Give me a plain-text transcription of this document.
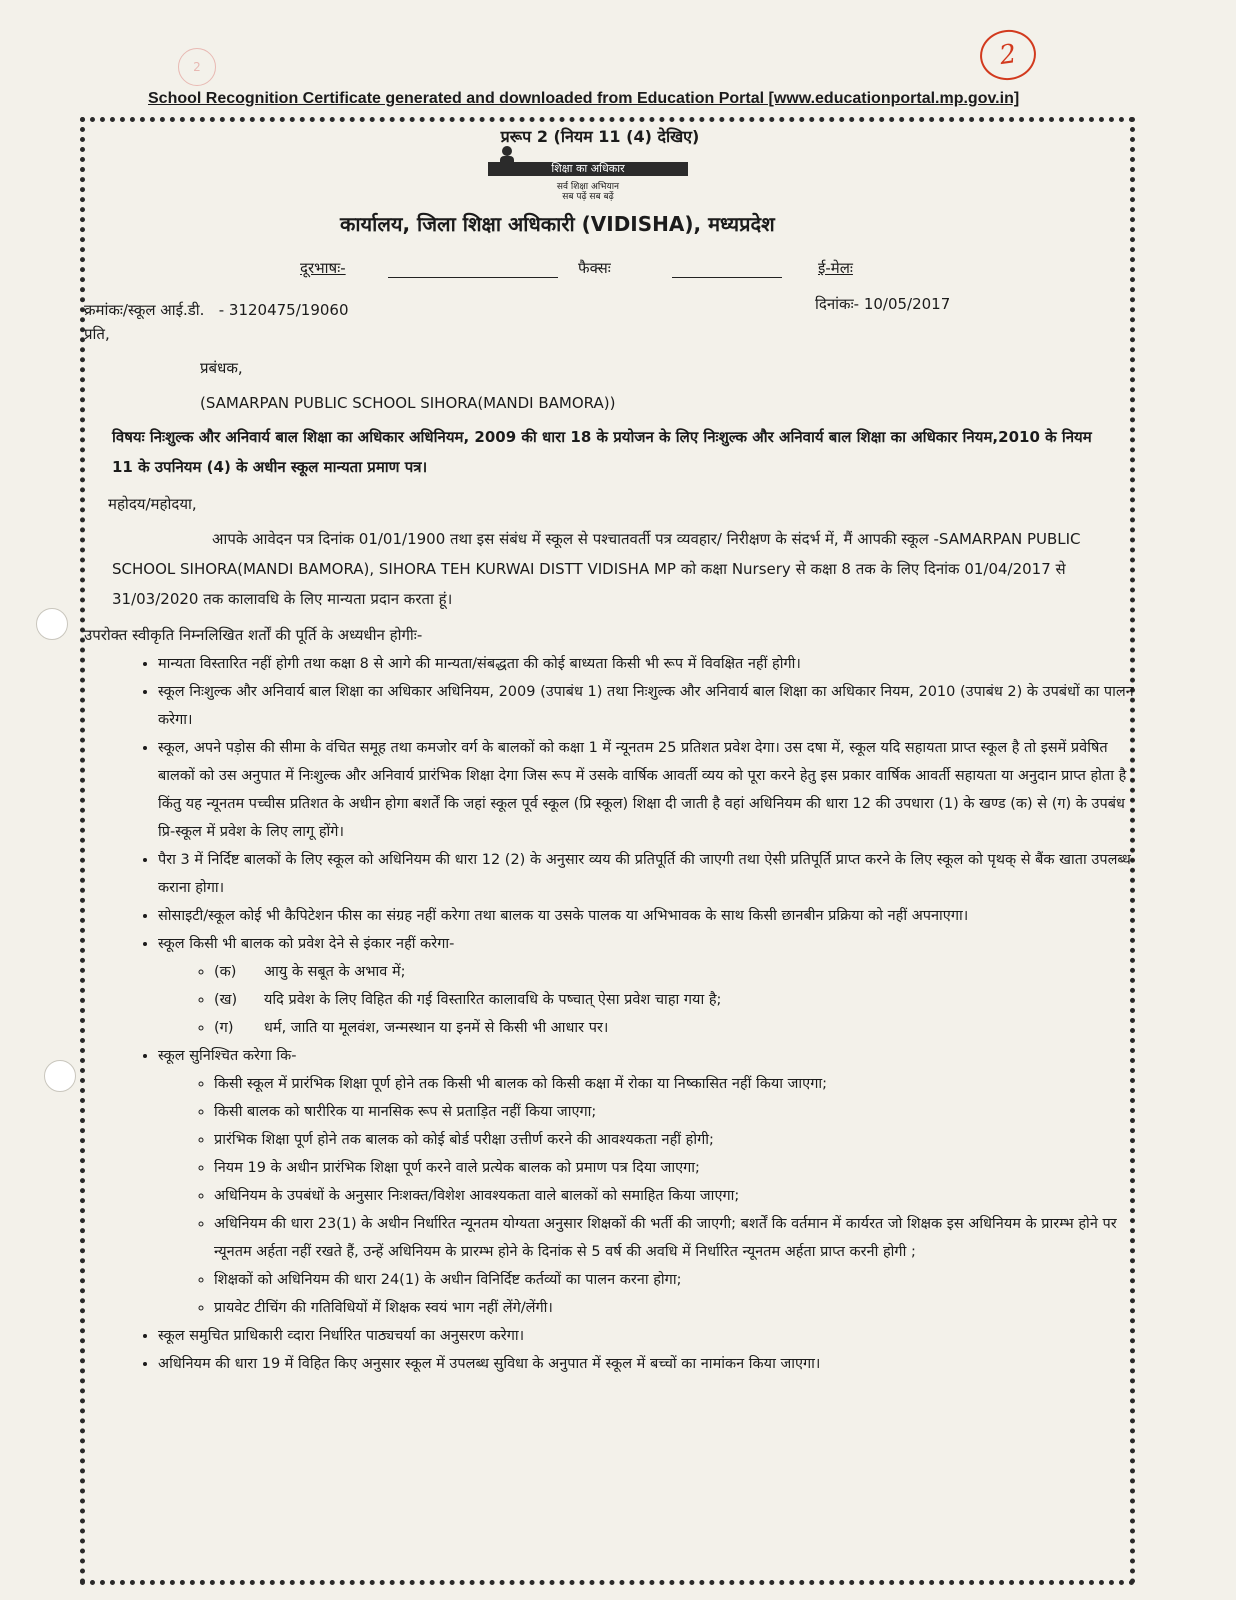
2	2
School Recognition Certificate generated and downloaded from Education Portal [www.educationportal.mp.gov.in]
प्ररूप 2 (नियम 11 (4) देखिए)
शिक्षा का अधिकार
सर्व शिक्षा अभियान
सब पढ़ें सब बढ़ें
कार्यालय, जिला शिक्षा अधिकारी (VIDISHA), मध्यप्रदेश
दूरभाषः-	फैक्सः	ई-मेलः
क्रमांकः/स्कूल आई.डी. - 3120475/19060	दिनांकः- 10/05/2017
प्रति,
प्रबंधक,
(SAMARPAN PUBLIC SCHOOL SIHORA(MANDI BAMORA))
विषयः निःशुल्क और अनिवार्य बाल शिक्षा का अधिकार अधिनियम, 2009 की धारा 18 के प्रयोजन के लिए निःशुल्क और अनिवार्य बाल शिक्षा का अधिकार नियम,2010 के नियम 11 के उपनियम (4) के अधीन स्कूल मान्यता प्रमाण पत्र।
महोदय/महोदया,
आपके आवेदन पत्र दिनांक 01/01/1900 तथा इस संबंध में स्कूल से पश्चातवर्ती पत्र व्यवहार/ निरीक्षण के संदर्भ में, मैं आपकी स्कूल -SAMARPAN PUBLIC SCHOOL SIHORA(MANDI BAMORA), SIHORA TEH KURWAI DISTT VIDISHA MP को कक्षा Nursery से कक्षा 8 तक के लिए दिनांक 01/04/2017 से 31/03/2020 तक कालावधि के लिए मान्यता प्रदान करता हूं।
उपरोक्त स्वीकृति निम्नलिखित शर्तों की पूर्ति के अध्यधीन होगीः-
• मान्यता विस्तारित नहीं होगी तथा कक्षा 8 से आगे की मान्यता/संबद्धता की कोई बाध्यता किसी भी रूप में विवक्षित नहीं होगी।
• स्कूल निःशुल्क और अनिवार्य बाल शिक्षा का अधिकार अधिनियम, 2009 (उपाबंध 1) तथा निःशुल्क और अनिवार्य बाल शिक्षा का अधिकार नियम, 2010 (उपाबंध 2) के उपबंधों का पालन करेगा।
• स्कूल, अपने पड़ोस की सीमा के वंचित समूह तथा कमजोर वर्ग के बालकों को कक्षा 1 में न्यूनतम 25 प्रतिशत प्रवेश देगा। उस दषा में, स्कूल यदि सहायता प्राप्त स्कूल है तो इसमें प्रवेषित बालकों को उस अनुपात में निःशुल्क और अनिवार्य प्रारंभिक शिक्षा देगा जिस रूप में उसके वार्षिक आवर्ती व्यय को पूरा करने हेतु इस प्रकार वार्षिक आवर्ती सहायता या अनुदान प्राप्त होता है किंतु यह न्यूनतम पच्चीस प्रतिशत के अधीन होगा बशर्तें कि जहां स्कूल पूर्व स्कूल (प्रि स्कूल) शिक्षा दी जाती है वहां अधिनियम की धारा 12 की उपधारा (1) के खण्ड (क) से (ग) के उपबंध प्रि-स्कूल में प्रवेश के लिए लागू होंगे।
• पैरा 3 में निर्दिष्ट बालकों के लिए स्कूल को अधिनियम की धारा 12 (2) के अनुसार व्यय की प्रतिपूर्ति की जाएगी तथा ऐसी प्रतिपूर्ति प्राप्त करने के लिए स्कूल को पृथक् से बैंक खाता उपलब्ध कराना होगा।
• सोसाइटी/स्कूल कोई भी कैपिटेशन फीस का संग्रह नहीं करेगा तथा बालक या उसके पालक या अभिभावक के साथ किसी छानबीन प्रक्रिया को नहीं अपनाएगा।
• स्कूल किसी भी बालक को प्रवेश देने से इंकार नहीं करेगा-
◦ (क) आयु के सबूत के अभाव में;
◦ (ख) यदि प्रवेश के लिए विहित की गई विस्तारित कालावधि के पष्चात् ऐसा प्रवेश चाहा गया है;
◦ (ग) धर्म, जाति या मूलवंश, जन्मस्थान या इनमें से किसी भी आधार पर।
• स्कूल सुनिश्चित करेगा कि-
◦ किसी स्कूल में प्रारंभिक शिक्षा पूर्ण होने तक किसी भी बालक को किसी कक्षा में रोका या निष्कासित नहीं किया जाएगा;
◦ किसी बालक को षारीरिक या मानसिक रूप से प्रताड़ित नहीं किया जाएगा;
◦ प्रारंभिक शिक्षा पूर्ण होने तक बालक को कोई बोर्ड परीक्षा उत्तीर्ण करने की आवश्यकता नहीं होगी;
◦ नियम 19 के अधीन प्रारंभिक शिक्षा पूर्ण करने वाले प्रत्येक बालक को प्रमाण पत्र दिया जाएगा;
◦ अधिनियम के उपबंधों के अनुसार निःशक्त/विशेश आवश्यकता वाले बालकों को समाहित किया जाएगा;
◦ अधिनियम की धारा 23(1) के अधीन निर्धारित न्यूनतम योग्यता अनुसार शिक्षकों की भर्ती की जाएगी; बशर्तें कि वर्तमान में कार्यरत जो शिक्षक इस अधिनियम के प्रारम्भ होने पर न्यूनतम अर्हता नहीं रखते हैं, उन्हें अधिनियम के प्रारम्भ होने के दिनांक से 5 वर्ष की अवधि में निर्धारित न्यूनतम अर्हता प्राप्त करनी होगी ;
◦ शिक्षकों को अधिनियम की धारा 24(1) के अधीन विनिर्दिष्ट कर्तव्यों का पालन करना होगा;
◦ प्रायवेट टीचिंग की गतिविधियों में शिक्षक स्वयं भाग नहीं लेंगे/लेंगी।
• स्कूल समुचित प्राधिकारी व्दारा निर्धारित पाठ्यचर्या का अनुसरण करेगा।
• अधिनियम की धारा 19 में विहित किए अनुसार स्कूल में उपलब्ध सुविधा के अनुपात में स्कूल में बच्चों का नामांकन किया जाएगा।
